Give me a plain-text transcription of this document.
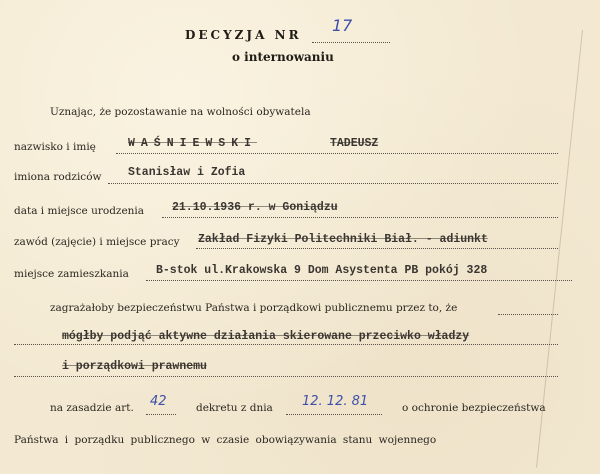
DECYZJA NR 17
o internowaniu
Uznając, że pozostawanie na wolności obywatela
nazwisko i imię	WAŚNIEWSKI	TADEUSZ
imiona rodziców Stanisław i Zofia
data i miejsce urodzenia 21.10.1936 r. w Goniądzu
zawód (zajęcie) i miejsce pracy Zakład Fizyki Politechniki Biał. - adiunkt
miejsce zamieszkania B-stok ul.Krakowska 9 Dom Asystenta PB pokój 328
zagrażałoby bezpieczeństwu Państwa i porządkowi publicznemu przez to, że
mógłby podjąć aktywne działania skierowane przeciwko władzy
i porządkowi prawnemu
na zasadzie art. 42	dekretu z dnia 12. 12. 81	o ochronie bezpieczeństwa
Państwa i porządku publicznego w czasie obowiązywania stanu wojennego
